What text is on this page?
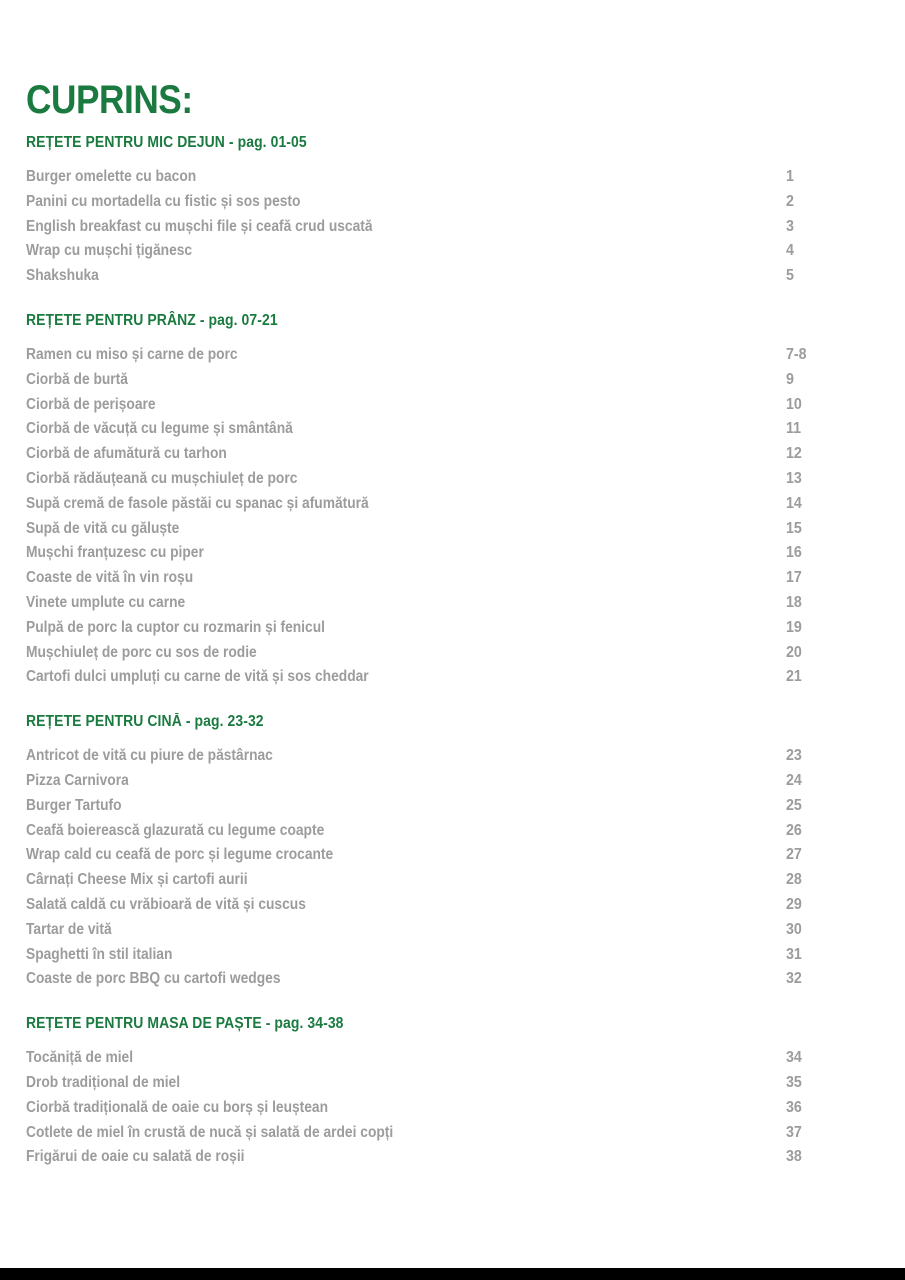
CUPRINS:
REȚETE PENTRU MIC DEJUN - pag. 01-05
Burger omelette cu bacon	1
Panini cu mortadella cu fistic și sos pesto	2
English breakfast cu mușchi file și ceafă crud uscată	3
Wrap cu mușchi țigănesc	4
Shakshuka	5
REȚETE PENTRU PRÂNZ - pag. 07-21
Ramen cu miso și carne de porc	7-8
Ciorbă de burtă	9
Ciorbă de perișoare	10
Ciorbă de văcuță cu legume și smântână	11
Ciorbă de afumătură cu tarhon	12
Ciorbă rădăuțeană cu mușchiuleț de porc	13
Supă cremă de fasole păstăi cu spanac și afumătură	14
Supă de vită cu găluște	15
Mușchi franțuzesc cu piper	16
Coaste de vită în vin roșu	17
Vinete umplute cu carne	18
Pulpă de porc la cuptor cu rozmarin și fenicul	19
Mușchiuleț de porc cu sos de rodie	20
Cartofi dulci umpluți cu carne de vită și sos cheddar	21
REȚETE PENTRU CINĂ - pag. 23-32
Antricot de vită cu piure de păstârnac	23
Pizza Carnivora	24
Burger Tartufo	25
Ceafă boierească glazurată cu legume coapte	26
Wrap cald cu ceafă de porc și legume crocante	27
Cârnați Cheese Mix și cartofi aurii	28
Salată caldă cu vrăbioară de vită și cuscus	29
Tartar de vită	30
Spaghetti în stil italian	31
Coaste de porc BBQ cu cartofi wedges	32
REȚETE PENTRU MASA DE PAȘTE - pag. 34-38
Tocăniță de miel	34
Drob tradițional de miel	35
Ciorbă tradițională de oaie cu borș și leuștean	36
Cotlete de miel în crustă de nucă și salată de ardei copți	37
Frigărui de oaie cu salată de roșii	38
